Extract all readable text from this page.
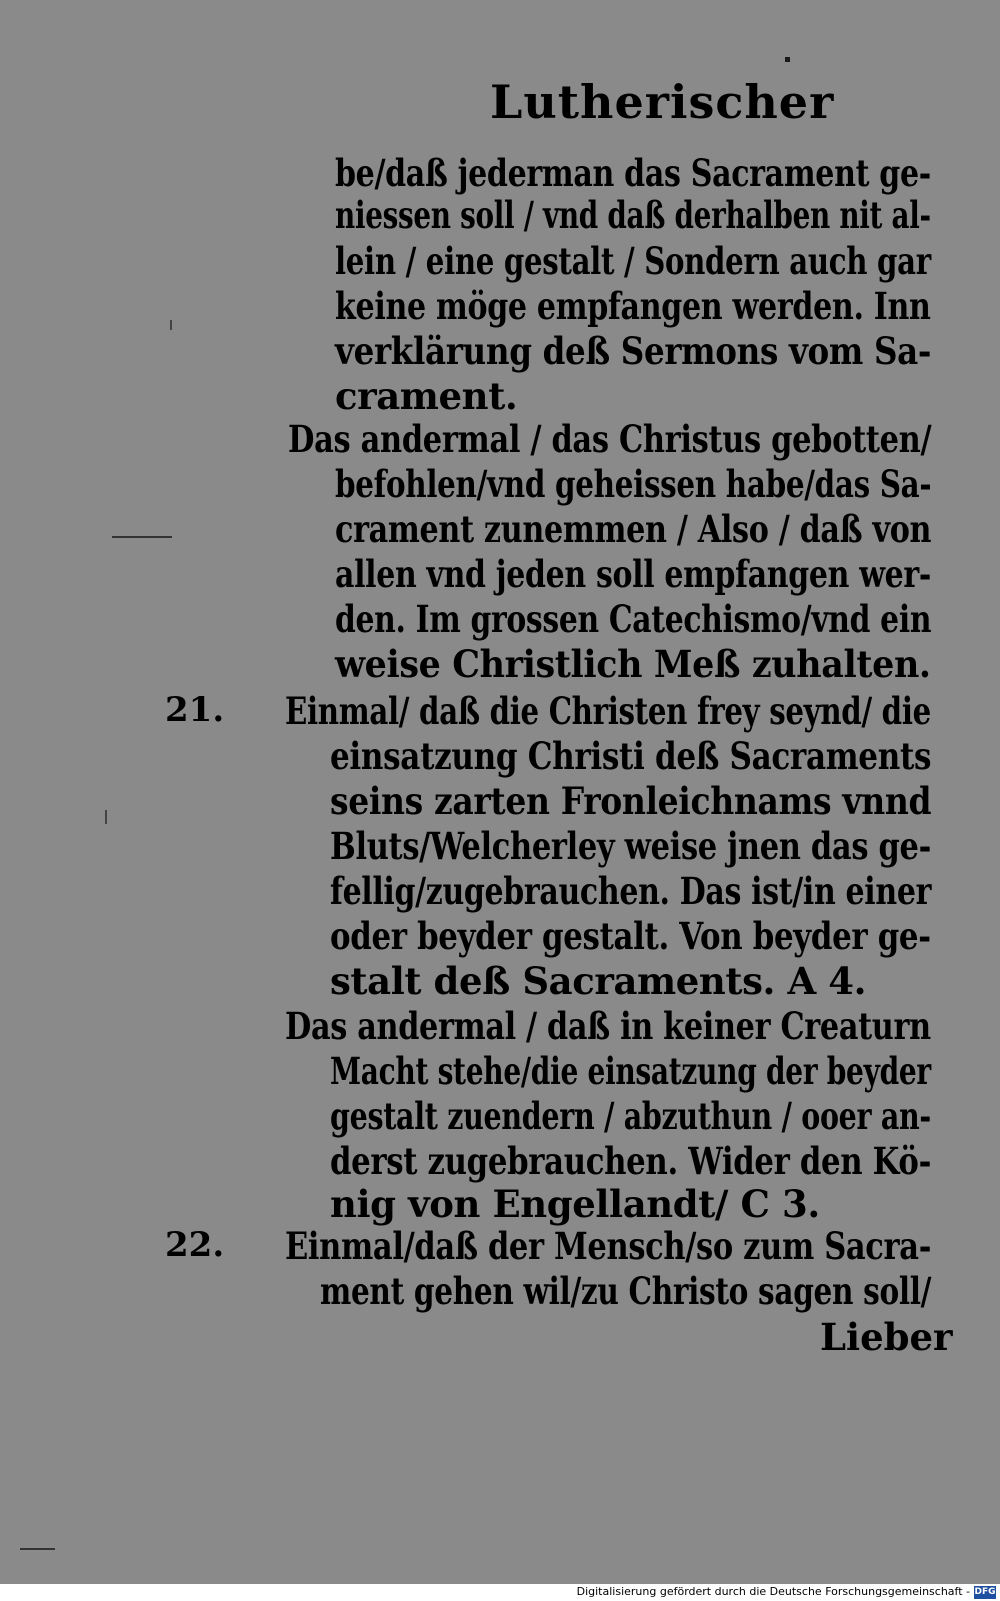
Lutherischer
be/daß jederman das Sacrament ge-
niessen soll / vnd daß derhalben nit al-
lein / eine gestalt / Sondern auch gar
keine möge empfangen werden. Inn
verklärung deß Sermons vom Sa-
crament.
Das andermal / das Christus gebotten/
befohlen/vnd geheissen habe/das Sa-
crament zunemmen / Also / daß von
allen vnd jeden soll empfangen wer-
den. Im grossen Catechismo/vnd ein
weise Christlich Meß zuhalten.
21. Einmal/ daß die Christen frey seynd/ die
einsatzung Christi deß Sacraments
seins zarten Fronleichnams vnnd
Bluts/Welcherley weise jnen das ge-
fellig/zugebrauchen. Das ist/in einer
oder beyder gestalt. Von beyder ge-
stalt deß Sacraments. A 4.
Das andermal / daß in keiner Creaturn
Macht stehe/die einsatzung der beyder
gestalt zuendern / abzuthun / ooer an-
derst zugebrauchen. Wider den Kö-
nig von Engellandt/ C 3.
22. Einmal/daß der Mensch/so zum Sacra-
ment gehen wil/zu Christo sagen soll/
Lieber
Digitalisierung gefördert durch die Deutsche Forschungsgemeinschaft - DFG
